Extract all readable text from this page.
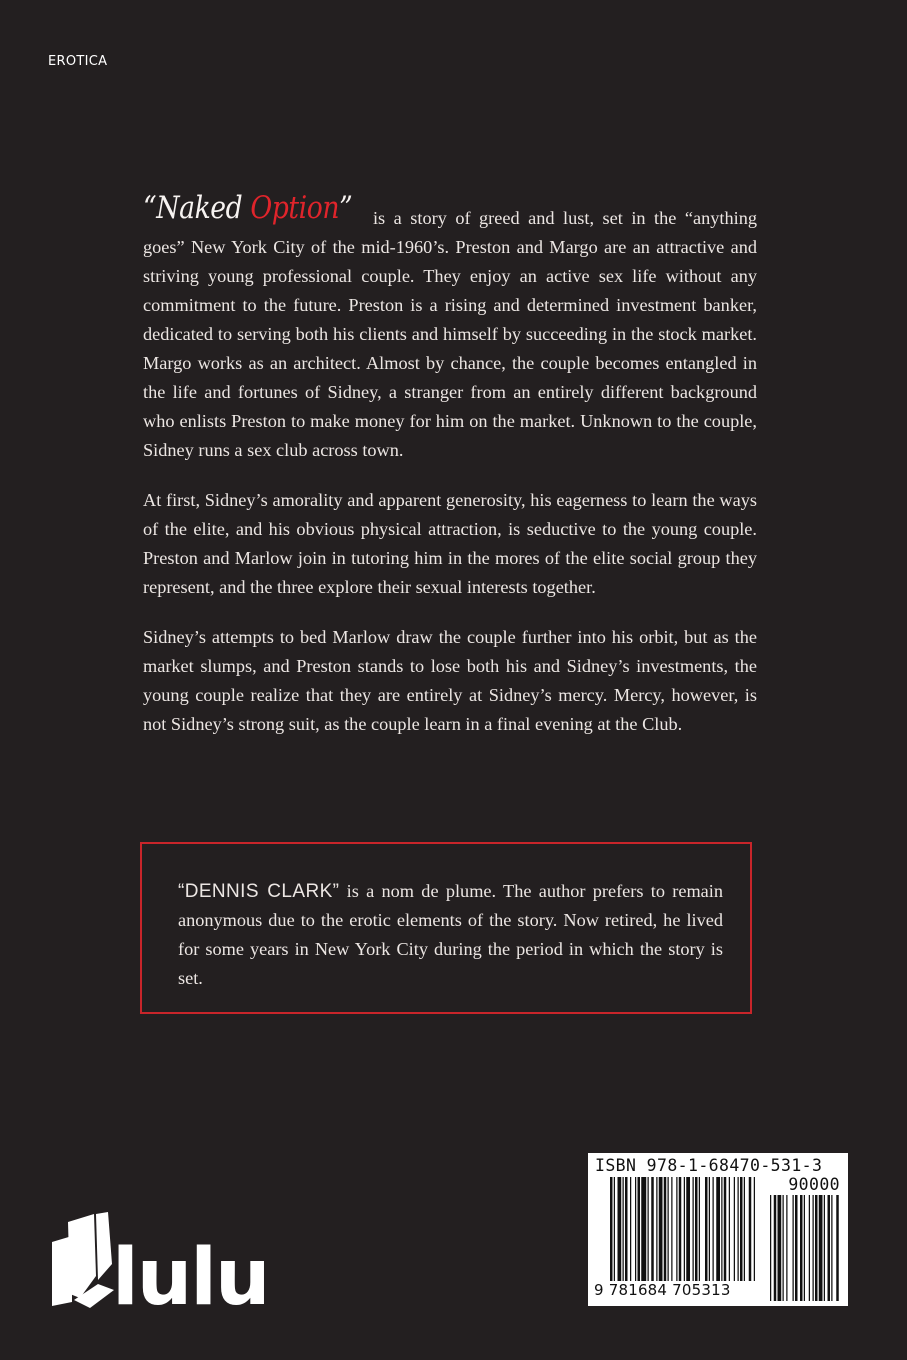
EROTICA

“Naked Option” is a story of greed and lust, set in the “anything goes” New York City of the mid-1960’s. Preston and Margo are an attractive and striving young professional couple. They enjoy an active sex life without any commitment to the future. Preston is a rising and determined investment banker, dedicated to serving both his clients and himself by succeeding in the stock market. Margo works as an architect. Almost by chance, the couple becomes entangled in the life and fortunes of Sidney, a stranger from an entirely different background who enlists Preston to make money for him on the market. Unknown to the couple, Sidney runs a sex club across town.

At first, Sidney’s amorality and apparent generosity, his eagerness to learn the ways of the elite, and his obvious physical attraction, is seductive to the young couple. Preston and Marlow join in tutoring him in the mores of the elite social group they represent, and the three explore their sexual interests together.

Sidney’s attempts to bed Marlow draw the couple further into his orbit, but as the market slumps, and Preston stands to lose both his and Sidney’s investments, the young couple realize that they are entirely at Sidney’s mercy. Mercy, however, is not Sidney’s strong suit, as the couple learn in a final evening at the Club.

“DENNIS CLARK” is a nom de plume. The author prefers to remain anonymous due to the erotic elements of the story. Now retired, he lived for some years in New York City during the period in which the story is set.

lulu
ISBN 978-1-68470-531-3
90000
9 781684 705313
